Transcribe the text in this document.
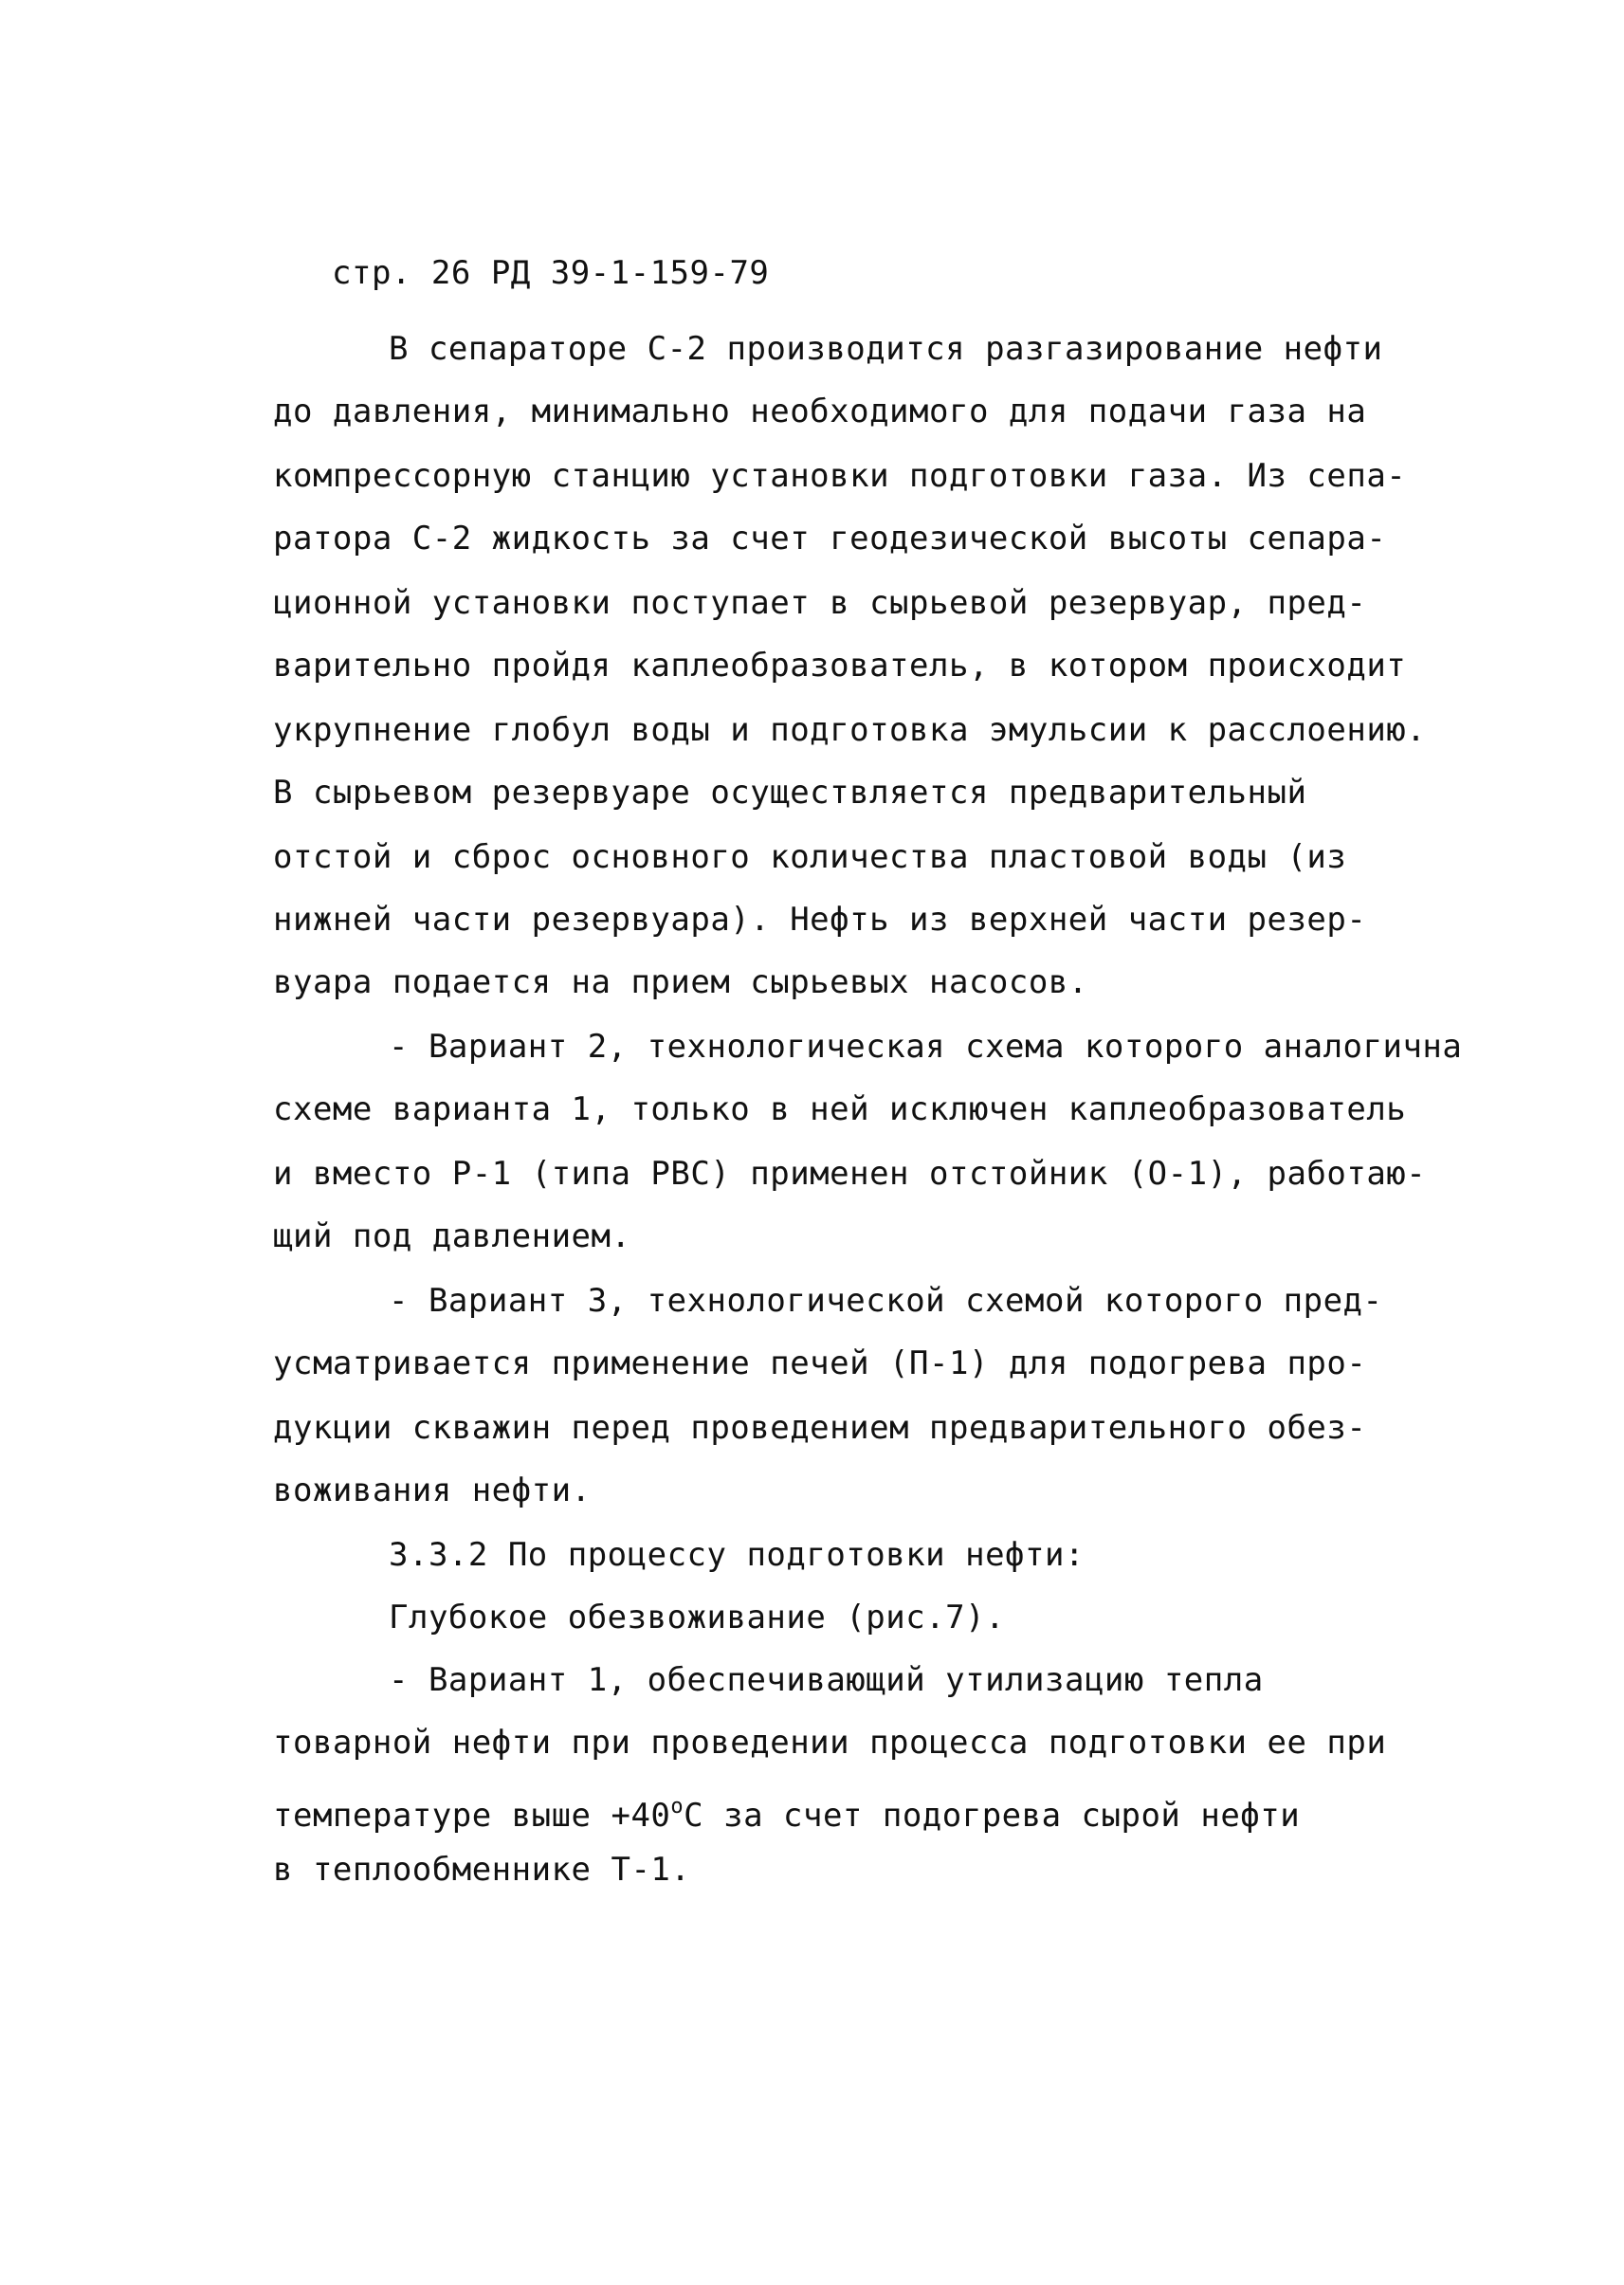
стр. 26 РД 39-1-159-79
В сепараторе С-2 производится разгазирование нефти
до давления, минимально необходимого для подачи газа на
компрессорную станцию установки подготовки газа. Из сепа-
ратора С-2 жидкость за счет геодезической высоты сепара-
ционной установки поступает в сырьевой резервуар, пред-
варительно пройдя каплеобразователь, в котором происходит
укрупнение глобул воды и подготовка эмульсии к расслоению.
В сырьевом резервуаре осуществляется предварительный
отстой и сброс основного количества пластовой воды (из
нижней части резервуара). Нефть из верхней части резер-
вуара подается на прием сырьевых насосов.
- Вариант 2, технологическая схема которого аналогична
схеме варианта 1, только в ней исключен каплеобразователь
и вместо Р-1 (типа РВС) применен отстойник (О-1), работаю-
щий под давлением.
- Вариант 3, технологической схемой которого пред-
усматривается применение печей (П-1) для подогрева про-
дукции скважин перед проведением предварительного обез-
воживания нефти.
3.3.2 По процессу подготовки нефти:
Глубокое обезвоживание (рис.7).
- Вариант 1, обеспечивающий утилизацию тепла
товарной нефти при проведении процесса подготовки ее при
температуре выше $+40^оС$ за счет подогрева сырой нефти
в теплообменнике Т-1.
